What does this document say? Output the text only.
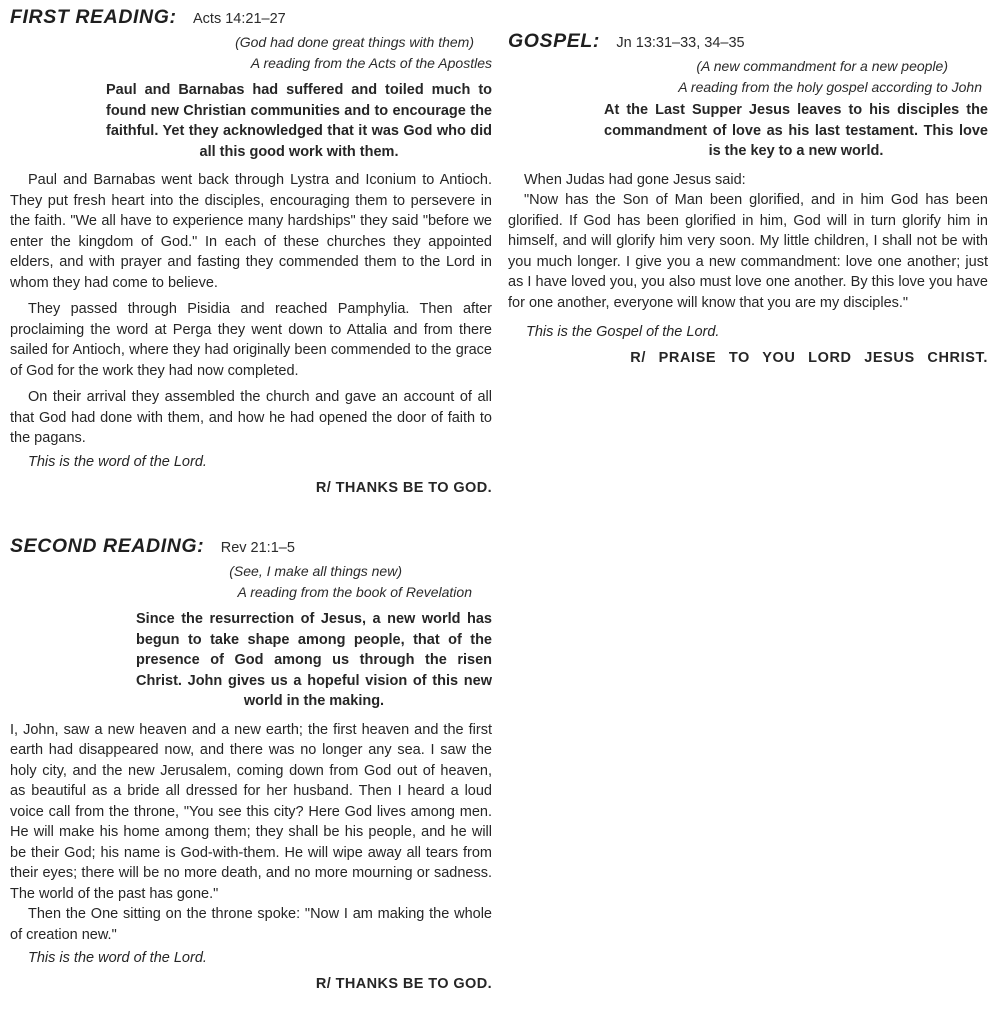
FIRST READING: Acts 14:21–27
(God had done great things with them)
A reading from the Acts of the Apostles
Paul and Barnabas had suffered and toiled much to found new Christian communities and to encourage the faithful. Yet they acknowledged that it was God who did all this good work with them.

Paul and Barnabas went back through Lystra and Iconium to Antioch. They put fresh heart into the disciples, encouraging them to persevere in the faith. "We all have to experience many hardships" they said "before we enter the kingdom of God." In each of these churches they appointed elders, and with prayer and fasting they commended them to the Lord in whom they had come to believe.

They passed through Pisidia and reached Pamphylia. Then after proclaiming the word at Perga they went down to Attalia and from there sailed for Antioch, where they had originally been commended to the grace of God for the work they had now completed.

On their arrival they assembled the church and gave an account of all that God had done with them, and how he had opened the door of faith to the pagans.

This is the word of the Lord.
R/ THANKS BE TO GOD.
SECOND READING: Rev 21:1–5
(See, I make all things new)
A reading from the book of Revelation
Since the resurrection of Jesus, a new world has begun to take shape among people, that of the presence of God among us through the risen Christ. John gives us a hopeful vision of this new world in the making.

I, John, saw a new heaven and a new earth; the first heaven and the first earth had disappeared now, and there was no longer any sea. I saw the holy city, and the new Jerusalem, coming down from God out of heaven, as beautiful as a bride all dressed for her husband. Then I heard a loud voice call from the throne, "You see this city? Here God lives among men. He will make his home among them; they shall be his people, and he will be their God; his name is God-with-them. He will wipe away all tears from their eyes; there will be no more death, and no more mourning or sadness. The world of the past has gone."

Then the One sitting on the throne spoke: "Now I am making the whole of creation new."

This is the word of the Lord.
R/ THANKS BE TO GOD.
GOSPEL: Jn 13:31–33, 34–35
(A new commandment for a new people)
A reading from the holy gospel according to John
At the Last Supper Jesus leaves to his disciples the commandment of love as his last testament. This love is the key to a new world.
When Judas had gone Jesus said:

"Now has the Son of Man been glorified, and in him God has been glorified. If God has been glorified in him, God will in turn glorify him in himself, and will glorify him very soon. My little children, I shall not be with you much longer. I give you a new commandment: love one another; just as I have loved you, you also must love one another. By this love you have for one another, everyone will know that you are my disciples."

This is the Gospel of the Lord.
R/ PRAISE TO YOU LORD JESUS CHRIST.
